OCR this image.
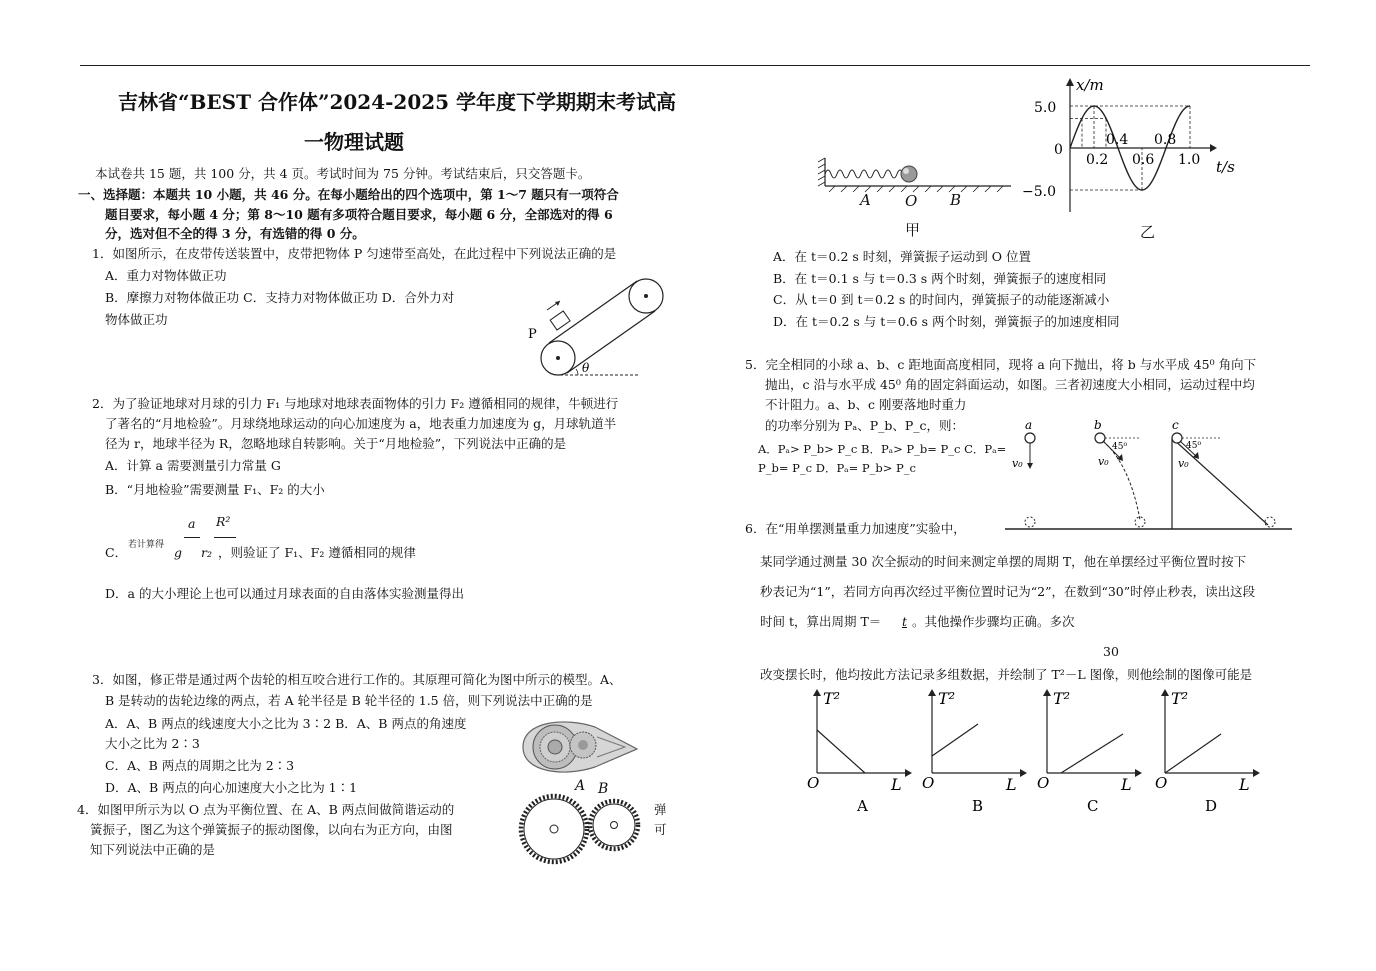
吉林省“BEST 合作体”2024-2025 学年度下学期期末考试高
一物理试题
本试卷共 15 题，共 100 分，共 4 页。考试时间为 75 分钟。考试结束后，只交答题卡。
一、选择题：本题共 10 小题，共 46 分。在每小题给出的四个选项中，第 1～7 题只有一项符合
题目要求，每小题 4 分；第 8～10 题有多项符合题目要求，每小题 6 分，全部选对的得 6
分，选对但不全的得 3 分，有选错的得 0 分。
1．如图所示，在皮带传送装置中，皮带把物体 P 匀速带至高处，在此过程中下列说法正确的是
A．重力对物体做正功
B．摩擦力对物体做正功 C．支持力对物体做正功 D．合外力对
物体做正功
P
θ
2．为了验证地球对月球的引力 F₁ 与地球对地球表面物体的引力 F₂ 遵循相同的规律，牛顿进行
了著名的“月地检验”。月球绕地球运动的向心加速度为 a，地表重力加速度为 g，月球轨道半
径为 r，地球半径为 R，忽略地球自转影响。关于“月地检验”，下列说法中正确的是
A．计算 a 需要测量引力常量 G
B．“月地检验”需要测量 F₁、F₂ 的大小
C． 若计算得
a
g
R²
r₂ ，则验证了 F₁、F₂ 遵循相同的规律
D．a 的大小理论上也可以通过月球表面的自由落体实验测量得出
3．如图，修正带是通过两个齿轮的相互咬合进行工作的。其原理可简化为图中所示的模型。A、
B 是转动的齿轮边缘的两点，若 A 轮半径是 B 轮半径的 1.5 倍，则下列说法中正确的是
A．A、B 两点的线速度大小之比为 3∶2 B．A、B 两点的角速度
大小之比为 2∶3
C．A、B 两点的周期之比为 2∶3
D．A、B 两点的向心加速度大小之比为 1∶1	A B
4．如图甲所示为以 O 点为平衡位置、在 A、B 两点间做简谐运动的	弹
簧振子，图乙为这个弹簧振子的振动图像，以向右为正方向，由图	可
知下列说法中正确的是
A O B
甲	乙
0.2
0.4
0.6
0.8
1.0
5.0
0
−5.0
x/m
t/s
A．在 t＝0.2 s 时刻，弹簧振子运动到 O 位置
B．在 t＝0.1 s 与 t＝0.3 s 两个时刻，弹簧振子的速度相同
C．从 t＝0 到 t＝0.2 s 的时间内，弹簧振子的动能逐渐减小
D．在 t＝0.2 s 与 t＝0.6 s 两个时刻，弹簧振子的加速度相同
5．完全相同的小球 a、b、c 距地面高度相同，现将 a 向下抛出，将 b 与水平成 45⁰ 角向下
抛出，c 沿与水平成 45⁰ 角的固定斜面运动，如图。三者初速度大小相同，运动过程中均
不计阻力。a、b、c 刚要落地时重力
的功率分别为 Pₐ、P_b、P_c，则：
A．Pₐ> P_b> P_c B．Pₐ> P_b= P_c C．Pₐ=
P_b= P_c D．Pₐ= P_b> P_c
a	b	c
v₀	v₀	v₀
45⁰	45⁰
6．在“用单摆测量重力加速度”实验中，
某同学通过测量 30 次全振动的时间来测定单摆的周期 T，他在单摆经过平衡位置时按下
秒表记为“1”，若同方向再次经过平衡位置时记为“2”，在数到“30”时停止秒表，读出这段
时间 t，算出周期 T＝ t 。其他操作步骤均正确。多次
30
改变摆长时，他均按此方法记录多组数据，并绘制了 T²－L 图像，则他绘制的图像可能是
T²
O	L
A
T²
O	L
B
T²
O	L
C
T²
O	L
D
